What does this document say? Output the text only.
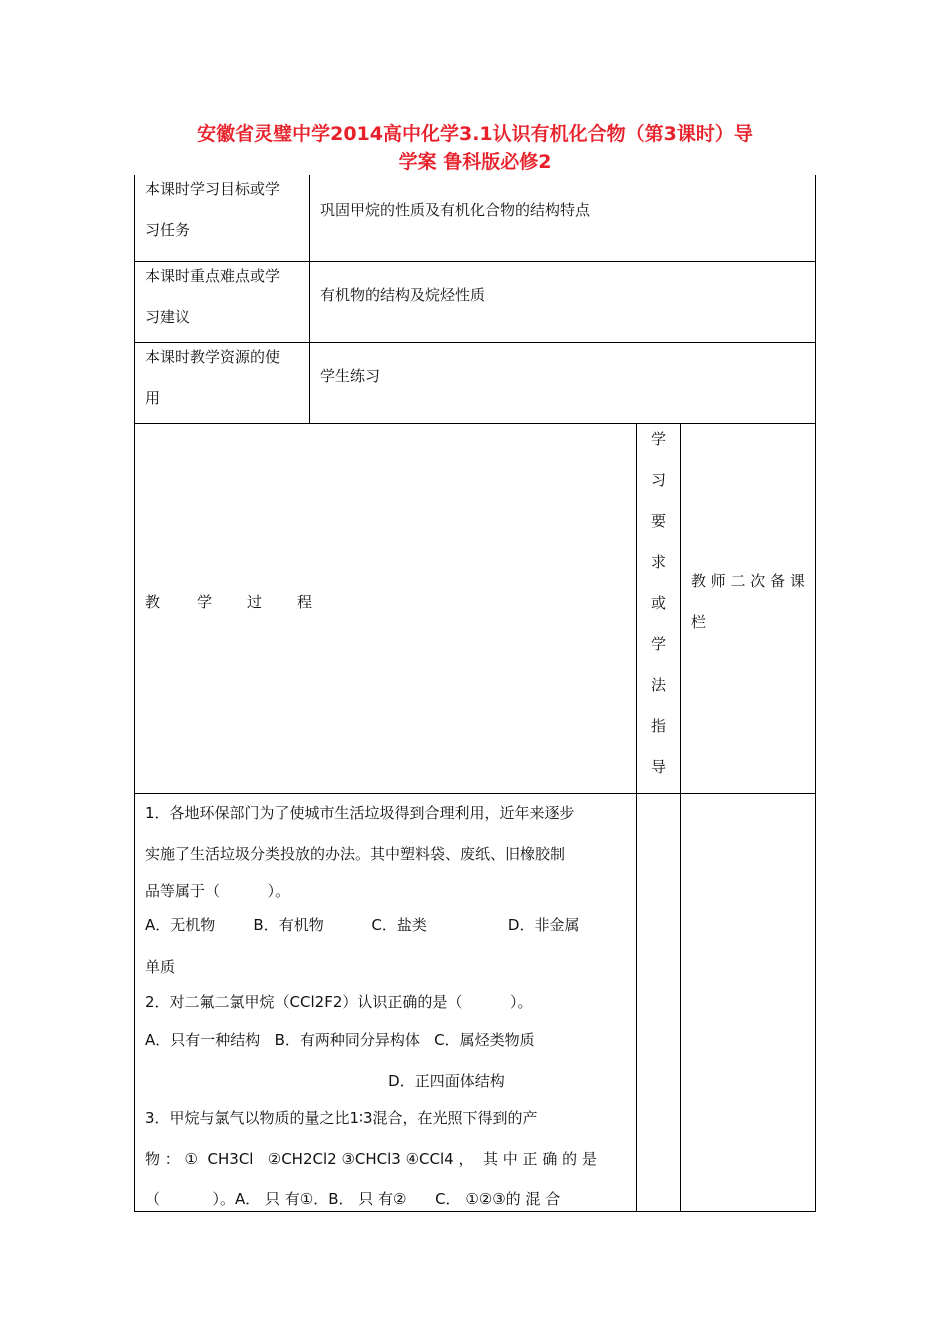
安徽省灵璧中学2014高中化学3.1认识有机化合物（第3课时）导
学案 鲁科版必修2
本课时学习目标或学
习任务
巩固甲烷的性质及有机化合物的结构特点
本课时重点难点或学
习建议
有机物的结构及烷烃性质
本课时教学资源的使
用
学生练习
教 学 过 程
学
习
要
求
或
学
法
指
导
教 师 二 次 备 课
栏
1．各地环保部门为了使城市生活垃圾得到合理利用，近年来逐步
实施了生活垃圾分类投放的办法。其中塑料袋、废纸、旧橡胶制
品等属于（          ）。
A．无机物        B．有机物          C．盐类                 D．非金属
单质
2．对二氟二氯甲烷（CCl2F2）认识正确的是（          ）。
A．只有一种结构   B．有两种同分异构体   C．属烃类物质
D．正四面体结构
3．甲烷与氯气以物质的量之比1∶3混合，在光照下得到的产
物 ： ①  CH3Cl   ②CH2Cl2 ③CHCl3 ④CCl4 ，  其 中 正 确 的 是
（           ）。A． 只 有①．B． 只 有②      C． ①②③的 混 合
